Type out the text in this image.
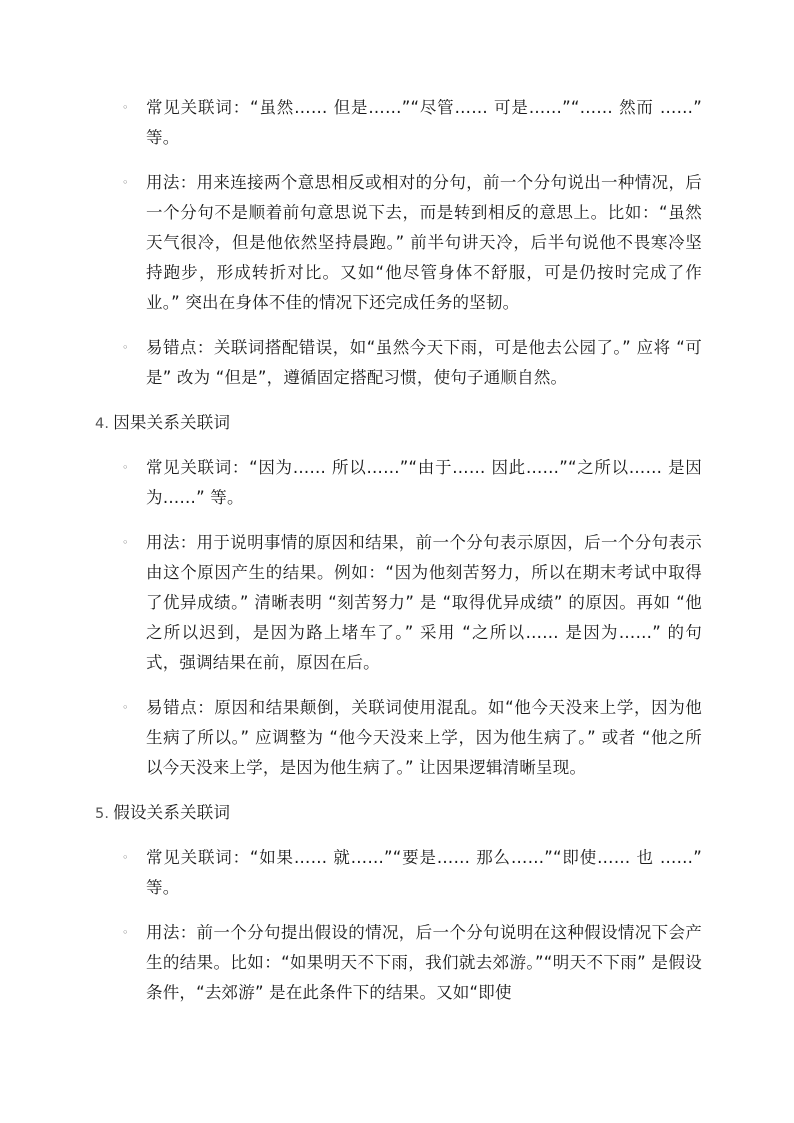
◦ 常见关联词：“虽然…… 但是……”“尽管…… 可是……”“…… 然而 ……” 等。
◦ 用法：用来连接两个意思相反或相对的分句，前一个分句说出一种情况，后一个分句不是顺着前句意思说下去，而是转到相反的意思上。比如：“虽然天气很冷，但是他依然坚持晨跑。” 前半句讲天冷，后半句说他不畏寒冷坚持跑步，形成转折对比。又如“他尽管身体不舒服，可是仍按时完成了作业。” 突出在身体不佳的情况下还完成任务的坚韧。
◦ 易错点：关联词搭配错误，如“虽然今天下雨，可是他去公园了。” 应将 “可是” 改为 “但是”，遵循固定搭配习惯，使句子通顺自然。
4. 因果关系关联词
◦ 常见关联词：“因为…… 所以……”“由于…… 因此……”“之所以…… 是因为……” 等。
◦ 用法：用于说明事情的原因和结果，前一个分句表示原因，后一个分句表示由这个原因产生的结果。例如：“因为他刻苦努力，所以在期末考试中取得了优异成绩。” 清晰表明 “刻苦努力” 是 “取得优异成绩” 的原因。再如 “他之所以迟到，是因为路上堵车了。” 采用 “之所以…… 是因为……” 的句式，强调结果在前，原因在后。
◦ 易错点：原因和结果颠倒，关联词使用混乱。如“他今天没来上学，因为他生病了所以。” 应调整为 “他今天没来上学，因为他生病了。” 或者 “他之所以今天没来上学，是因为他生病了。” 让因果逻辑清晰呈现。
5. 假设关系关联词
◦ 常见关联词：“如果…… 就……”“要是…… 那么……”“即使…… 也 ……” 等。
◦ 用法：前一个分句提出假设的情况，后一个分句说明在这种假设情况下会产生的结果。比如：“如果明天不下雨，我们就去郊游。”“明天不下雨” 是假设条件，“去郊游” 是在此条件下的结果。又如“即使
